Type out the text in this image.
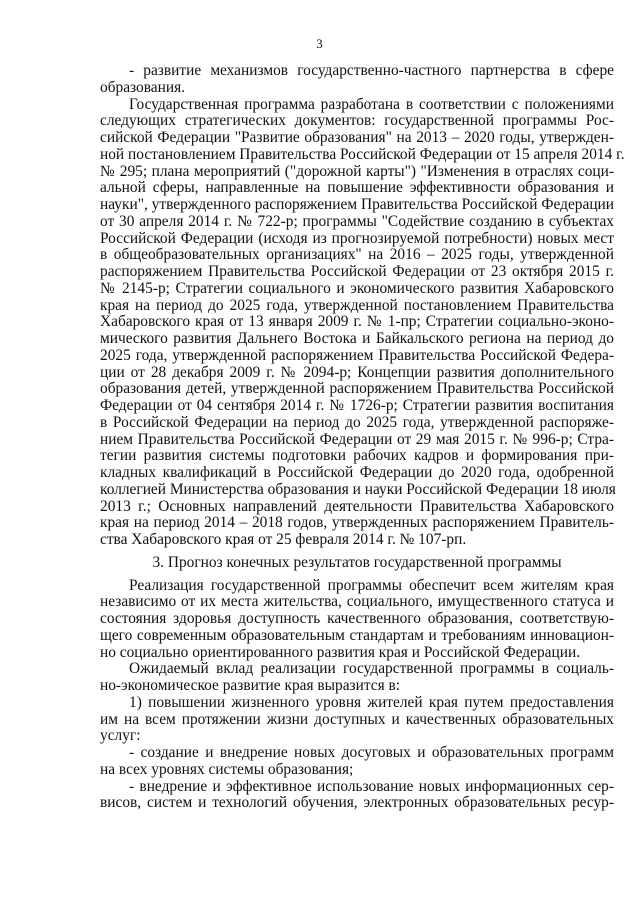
3
- развитие механизмов государственно-частного партнерства в сфере
образования.
Государственная программа разработана в соответствии с положениями
следующих стратегических документов: государственной программы Рос-
сийской Федерации "Развитие образования" на 2013 – 2020 годы, утвержден-
ной постановлением Правительства Российской Федерации от 15 апреля 2014 г.
№ 295; плана мероприятий ("дорожной карты") "Изменения в отраслях соци-
альной сферы, направленные на повышение эффективности образования и
науки", утвержденного распоряжением Правительства Российской Федерации
от 30 апреля 2014 г. № 722-р; программы "Содействие созданию в субъектах
Российской Федерации (исходя из прогнозируемой потребности) новых мест
в общеобразовательных организациях" на 2016 – 2025 годы, утвержденной
распоряжением Правительства Российской Федерации от 23 октября 2015 г.
№ 2145-р; Стратегии социального и экономического развития Хабаровского
края на период до 2025 года, утвержденной постановлением Правительства
Хабаровского края от 13 января 2009 г. № 1-пр; Стратегии социально-эконо-
мического развития Дальнего Востока и Байкальского региона на период до
2025 года, утвержденной распоряжением Правительства Российской Федера-
ции от 28 декабря 2009 г. № 2094-р; Концепции развития дополнительного
образования детей, утвержденной распоряжением Правительства Российской
Федерации от 04 сентября 2014 г. № 1726-р; Стратегии развития воспитания
в Российской Федерации на период до 2025 года, утвержденной распоряже-
нием Правительства Российской Федерации от 29 мая 2015 г. № 996-р; Стра-
тегии развития системы подготовки рабочих кадров и формирования при-
кладных квалификаций в Российской Федерации до 2020 года, одобренной
коллегией Министерства образования и науки Российской Федерации 18 июля
2013 г.; Основных направлений деятельности Правительства Хабаровского
края на период 2014 – 2018 годов, утвержденных распоряжением Правитель-
ства Хабаровского края от 25 февраля 2014 г. № 107-рп.
3. Прогноз конечных результатов государственной программы
Реализация государственной программы обеспечит всем жителям края
независимо от их места жительства, социального, имущественного статуса и
состояния здоровья доступность качественного образования, соответствую-
щего современным образовательным стандартам и требованиям инновацион-
но социально ориентированного развития края и Российской Федерации.
Ожидаемый вклад реализации государственной программы в социаль-
но-экономическое развитие края выразится в:
1) повышении жизненного уровня жителей края путем предоставления
им на всем протяжении жизни доступных и качественных образовательных
услуг:
- создание и внедрение новых досуговых и образовательных программ
на всех уровнях системы образования;
- внедрение и эффективное использование новых информационных сер-
висов, систем и технологий обучения, электронных образовательных ресур-
